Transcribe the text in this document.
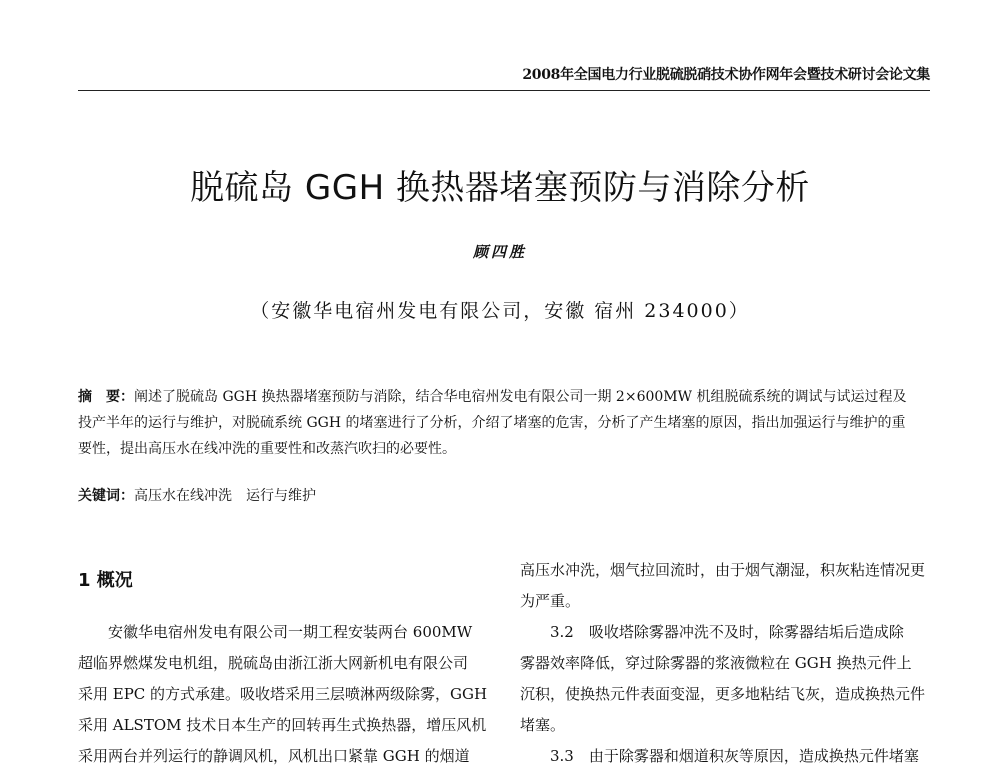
2008年全国电力行业脱硫脱硝技术协作网年会暨技术研讨会论文集
脱硫岛 GGH 换热器堵塞预防与消除分析
顾四胜
（安徽华电宿州发电有限公司，安徽 宿州 234000）
摘　要：阐述了脱硫岛 GGH 换热器堵塞预防与消除，结合华电宿州发电有限公司一期 2×600MW 机组脱硫系统的调试与试运过程及
投产半年的运行与维护，对脱硫系统 GGH 的堵塞进行了分析，介绍了堵塞的危害，分析了产生堵塞的原因，指出加强运行与维护的重
要性，提出高压水在线冲洗的重要性和改蒸汽吹扫的必要性。
关键词：高压水在线冲洗　运行与维护
1 概况
安徽华电宿州发电有限公司一期工程安装两台 600MW
超临界燃煤发电机组，脱硫岛由浙江浙大网新机电有限公司
采用 EPC 的方式承建。吸收塔采用三层喷淋两级除雾，GGH
采用 ALSTOM 技术日本生产的回转再生式换热器，增压风机
采用两台并列运行的静调风机，风机出口紧靠 GGH 的烟道
高压水冲洗，烟气拉回流时，由于烟气潮湿，积灰粘连情况更
为严重。
3.2　吸收塔除雾器冲洗不及时，除雾器结垢后造成除
雾器效率降低，穿过除雾器的浆液微粒在 GGH 换热元件上
沉积，使换热元件表面变湿，更多地粘结飞灰，造成换热元件
堵塞。
3.3　由于除雾器和烟道积灰等原因，造成换热元件堵塞
